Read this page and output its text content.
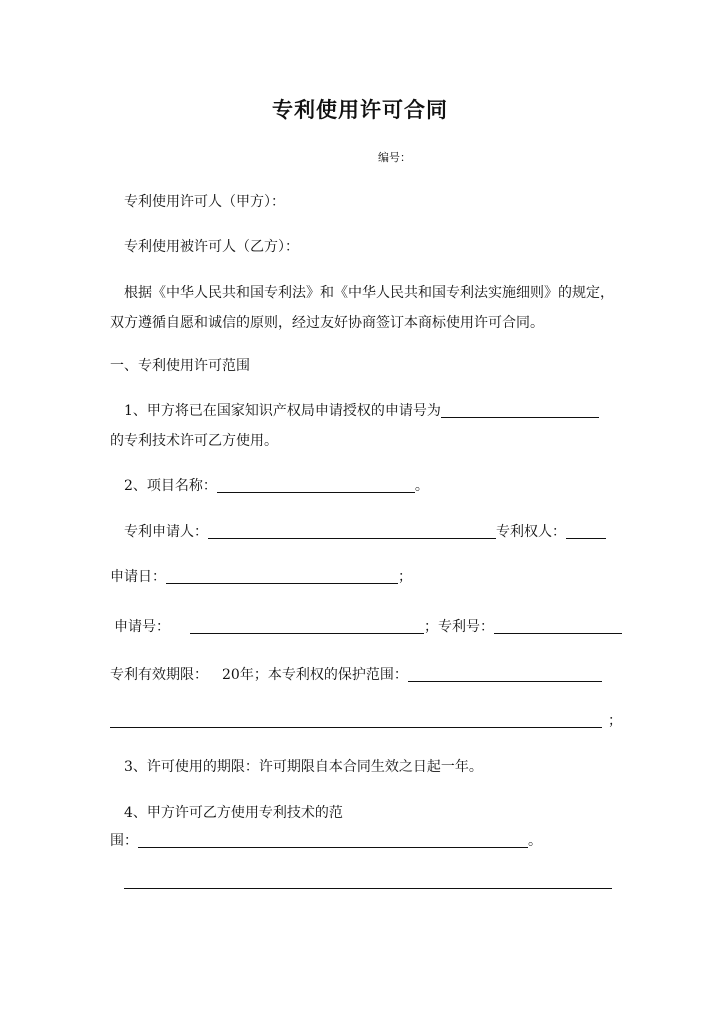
专利使用许可合同
编号：
专利使用许可人（甲方）：
专利使用被许可人（乙方）：
根据《中华人民共和国专利法》和《中华人民共和国专利法实施细则》的规定，
双方遵循自愿和诚信的原则，经过友好协商签订本商标使用许可合同。
一、专利使用许可范围
1、甲方将已在国家知识产权局申请授权的申请号为
的专利技术许可乙方使用。
2、项目名称：	。
专利申请人：	专利权人：
申请日：	；
申请号：	；专利号：
专利有效期限： 20年；本专利权的保护范围：
；
3、许可使用的期限：许可期限自本合同生效之日起一年。
4、甲方许可乙方使用专利技术的范
围：	。
